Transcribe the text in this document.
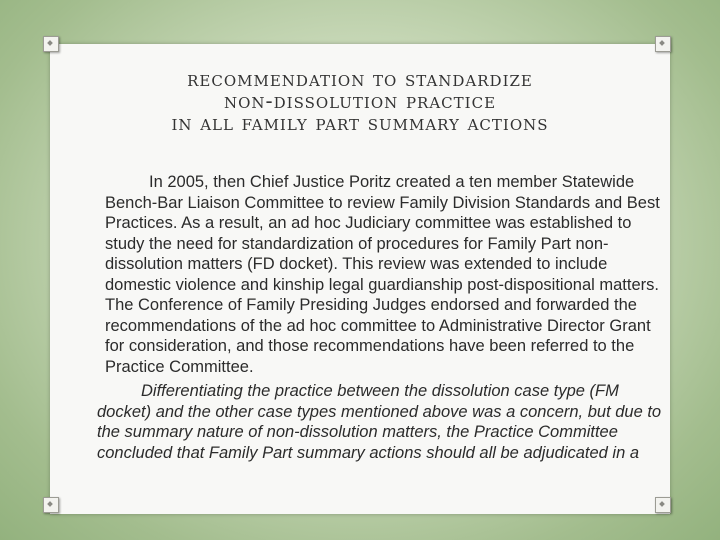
recommendation to standardize
non-dissolution practice
in all family part summary actions

In 2005, then Chief Justice Poritz created a ten member Statewide Bench-Bar Liaison Committee to review Family Division Standards and Best Practices. As a result, an ad hoc Judiciary committee was established to study the need for standardization of procedures for Family Part non-dissolution matters (FD docket). This review was extended to include domestic violence and kinship legal guardianship post-dispositional matters. The Conference of Family Presiding Judges endorsed and forwarded the recommendations of the ad hoc committee to Administrative Director Grant for consideration, and those recommendations have been referred to the Practice Committee.

Differentiating the practice between the dissolution case type (FM docket) and the other case types mentioned above was a concern, but due to the summary nature of non-dissolution matters, the Practice Committee concluded that Family Part summary actions should all be adjudicated in a
